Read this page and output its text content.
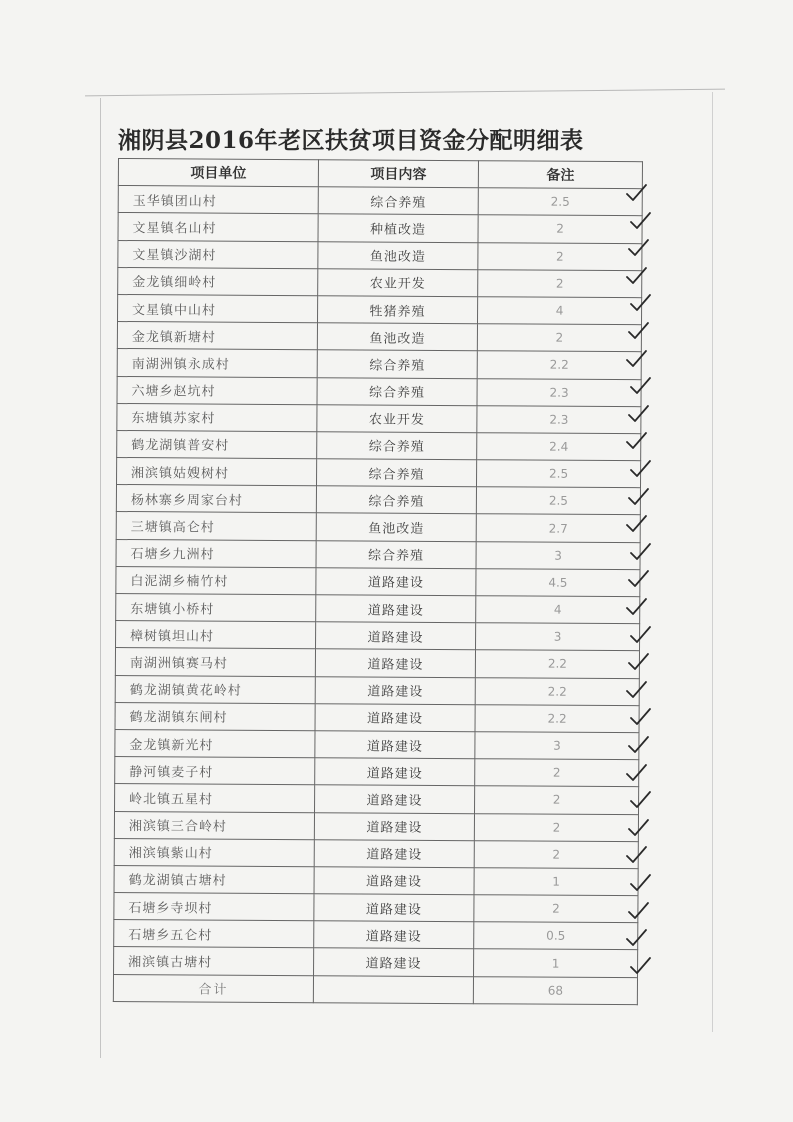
湘阴县2016年老区扶贫项目资金分配明细表
项目单位	项目内容	备注
玉华镇团山村	综合养殖	2.5
文星镇名山村	种植改造	2
文星镇沙湖村	鱼池改造	2
金龙镇细岭村	农业开发	2
文星镇中山村	牲猪养殖	4
金龙镇新塘村	鱼池改造	2
南湖洲镇永成村	综合养殖	2.2
六塘乡赵坑村	综合养殖	2.3
东塘镇苏家村	农业开发	2.3
鹤龙湖镇普安村	综合养殖	2.4
湘滨镇姑嫂树村	综合养殖	2.5
杨林寨乡周家台村	综合养殖	2.5
三塘镇高仑村	鱼池改造	2.7
石塘乡九洲村	综合养殖	3
白泥湖乡楠竹村	道路建设	4.5
东塘镇小桥村	道路建设	4
樟树镇坦山村	道路建设	3
南湖洲镇赛马村	道路建设	2.2
鹤龙湖镇黄花岭村	道路建设	2.2
鹤龙湖镇东闸村	道路建设	2.2
金龙镇新光村	道路建设	3
静河镇麦子村	道路建设	2
岭北镇五星村	道路建设	2
湘滨镇三合岭村	道路建设	2
湘滨镇紫山村	道路建设	2
鹤龙湖镇古塘村	道路建设	1
石塘乡寺坝村	道路建设	2
石塘乡五仑村	道路建设	0.5
湘滨镇古塘村	道路建设	1
合计		68
